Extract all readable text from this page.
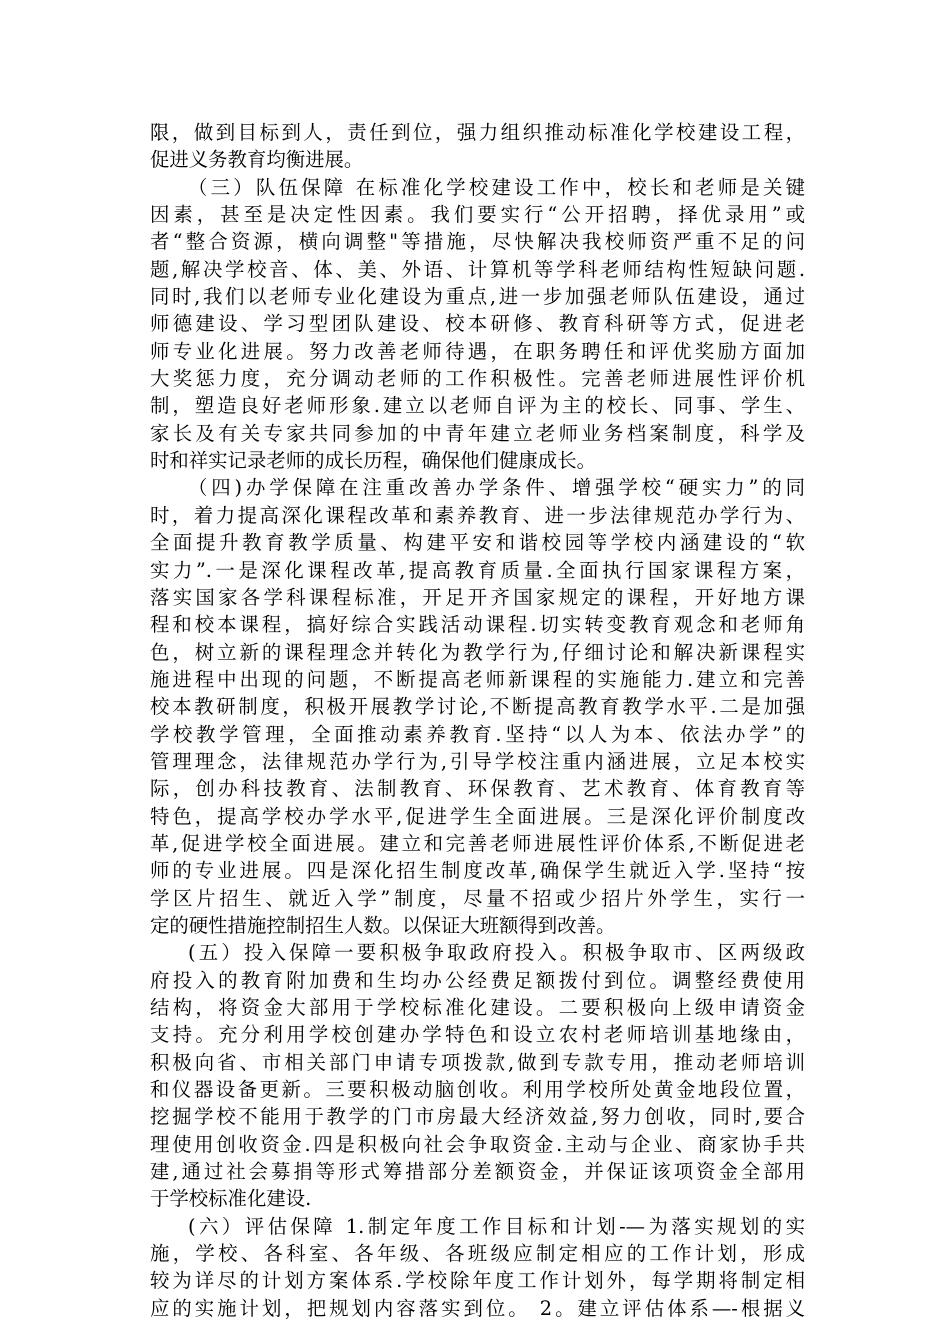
限，做到目标到人，责任到位，强力组织推动标准化学校建设工程，
促进义务教育均衡进展。
（三）队伍保障 在标准化学校建设工作中，校长和老师是关键
因素，甚至是决定性因素。我们要实行“公开招聘，择优录用”或
者“整合资源，横向调整"等措施，尽快解决我校师资严重不足的问
题,解决学校音、体、美、外语、计算机等学科老师结构性短缺问题.
同时,我们以老师专业化建设为重点,进一步加强老师队伍建设，通过
师德建设、学习型团队建设、校本研修、教育科研等方式，促进老
师专业化进展。努力改善老师待遇，在职务聘任和评优奖励方面加
大奖惩力度，充分调动老师的工作积极性。完善老师进展性评价机
制，塑造良好老师形象.建立以老师自评为主的校长、同事、学生、
家长及有关专家共同参加的中青年建立老师业务档案制度，科学及
时和祥实记录老师的成长历程，确保他们健康成长。
（四)办学保障在注重改善办学条件、增强学校“硬实力”的同
时，着力提高深化课程改革和素养教育、进一步法律规范办学行为、
全面提升教育教学质量、构建平安和谐校园等学校内涵建设的“软
实力”.一是深化课程改革,提高教育质量.全面执行国家课程方案，
落实国家各学科课程标准，开足开齐国家规定的课程，开好地方课
程和校本课程，搞好综合实践活动课程.切实转变教育观念和老师角
色，树立新的课程理念并转化为教学行为,仔细讨论和解决新课程实
施进程中出现的问题，不断提高老师新课程的实施能力.建立和完善
校本教研制度，积极开展教学讨论,不断提高教育教学水平.二是加强
学校教学管理，全面推动素养教育.坚持“以人为本、依法办学”的
管理理念，法律规范办学行为,引导学校注重内涵进展，立足本校实
际，创办科技教育、法制教育、环保教育、艺术教育、体育教育等
特色，提高学校办学水平,促进学生全面进展。三是深化评价制度改
革,促进学校全面进展。建立和完善老师进展性评价体系,不断促进老
师的专业进展。四是深化招生制度改革,确保学生就近入学.坚持“按
学区片招生、就近入学”制度，尽量不招或少招片外学生，实行一
定的硬性措施控制招生人数。以保证大班额得到改善。
(五）投入保障一要积极争取政府投入。积极争取市、区两级政
府投入的教育附加费和生均办公经费足额拨付到位。调整经费使用
结构，将资金大部用于学校标准化建设。二要积极向上级申请资金
支持。充分利用学校创建办学特色和设立农村老师培训基地缘由，
积极向省、市相关部门申请专项拨款,做到专款专用，推动老师培训
和仪器设备更新。三要积极动脑创收。利用学校所处黄金地段位置，
挖掘学校不能用于教学的门市房最大经济效益,努力创收，同时,要合
理使用创收资金.四是积极向社会争取资金.主动与企业、商家协手共
建,通过社会募捐等形式筹措部分差额资金，并保证该项资金全部用
于学校标准化建设.
(六）评估保障 1.制定年度工作目标和计划-—为落实规划的实
施，学校、各科室、各年级、各班级应制定相应的工作计划，形成
较为详尽的计划方案体系.学校除年度工作计划外，每学期将制定相
应的实施计划，把规划内容落实到位。 2。建立评估体系—-根据义
